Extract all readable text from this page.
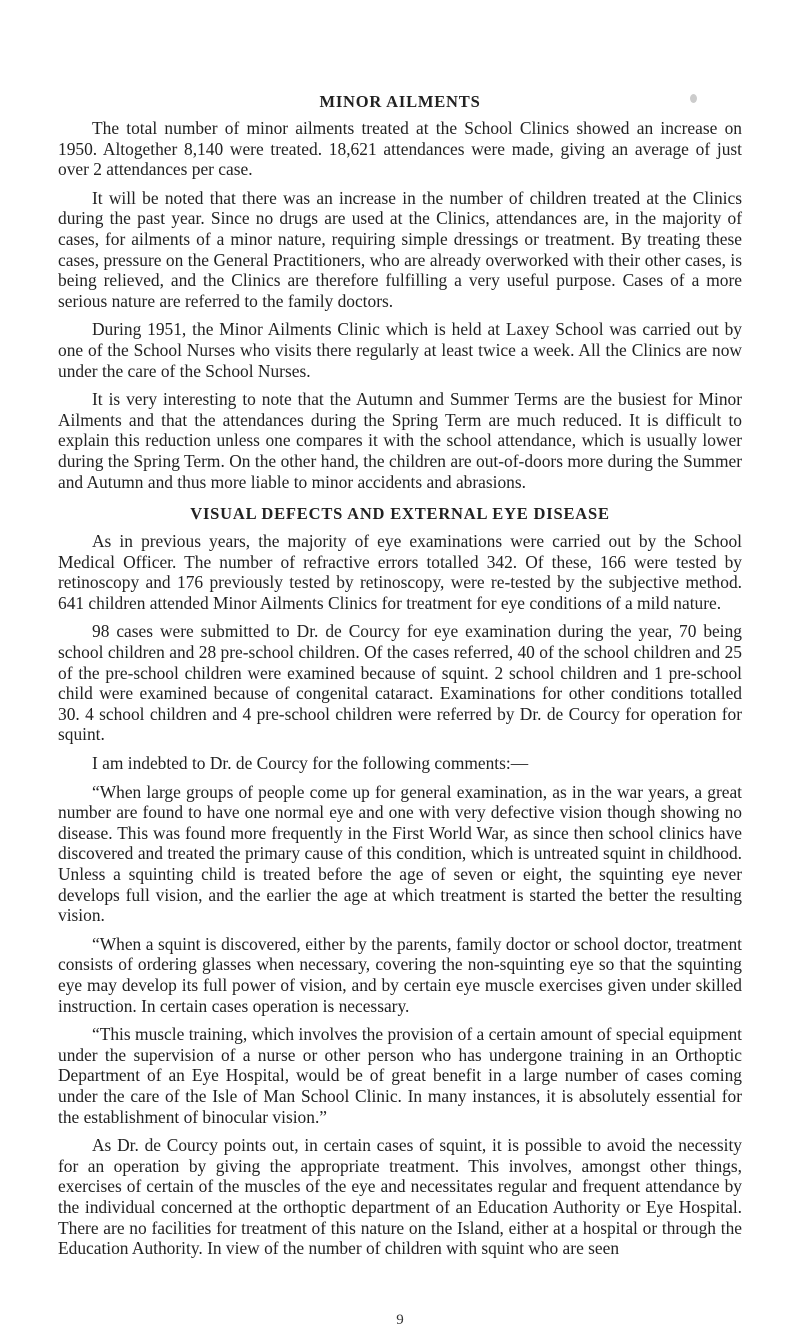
MINOR AILMENTS

The total number of minor ailments treated at the School Clinics showed an increase on 1950. Altogether 8,140 were treated. 18,621 attendances were made, giving an average of just over 2 attendances per case.

It will be noted that there was an increase in the number of children treated at the Clinics during the past year. Since no drugs are used at the Clinics, attendances are, in the majority of cases, for ailments of a minor nature, requiring simple dressings or treatment. By treating these cases, pressure on the General Practitioners, who are already overworked with their other cases, is being relieved, and the Clinics are therefore fulfilling a very useful purpose. Cases of a more serious nature are referred to the family doctors.

During 1951, the Minor Ailments Clinic which is held at Laxey School was carried out by one of the School Nurses who visits there regularly at least twice a week. All the Clinics are now under the care of the School Nurses.

It is very interesting to note that the Autumn and Summer Terms are the busiest for Minor Ailments and that the attendances during the Spring Term are much reduced. It is difficult to explain this reduction unless one compares it with the school attendance, which is usually lower during the Spring Term. On the other hand, the children are out-of-doors more during the Summer and Autumn and thus more liable to minor accidents and abrasions.

VISUAL DEFECTS AND EXTERNAL EYE DISEASE

As in previous years, the majority of eye examinations were carried out by the School Medical Officer. The number of refractive errors totalled 342. Of these, 166 were tested by retinoscopy and 176 previously tested by retinoscopy, were re-tested by the subjective method. 641 children attended Minor Ailments Clinics for treatment for eye conditions of a mild nature.

98 cases were submitted to Dr. de Courcy for eye examination during the year, 70 being school children and 28 pre-school children. Of the cases referred, 40 of the school children and 25 of the pre-school children were examined because of squint. 2 school children and 1 pre-school child were examined because of congenital cataract. Examinations for other conditions totalled 30. 4 school children and 4 pre-school children were referred by Dr. de Courcy for operation for squint.

I am indebted to Dr. de Courcy for the following comments:—

“When large groups of people come up for general examination, as in the war years, a great number are found to have one normal eye and one with very defective vision though showing no disease. This was found more frequently in the First World War, as since then school clinics have discovered and treated the primary cause of this condition, which is untreated squint in childhood. Unless a squinting child is treated before the age of seven or eight, the squinting eye never develops full vision, and the earlier the age at which treatment is started the better the resulting vision.

“When a squint is discovered, either by the parents, family doctor or school doctor, treatment consists of ordering glasses when necessary, covering the non-squinting eye so that the squinting eye may develop its full power of vision, and by certain eye muscle exercises given under skilled instruction. In certain cases operation is necessary.

“This muscle training, which involves the provision of a certain amount of special equipment under the supervision of a nurse or other person who has undergone training in an Orthoptic Department of an Eye Hospital, would be of great benefit in a large number of cases coming under the care of the Isle of Man School Clinic. In many instances, it is absolutely essential for the establishment of binocular vision.”

As Dr. de Courcy points out, in certain cases of squint, it is possible to avoid the necessity for an operation by giving the appropriate treatment. This involves, amongst other things, exercises of certain of the muscles of the eye and necessitates regular and frequent attendance by the individual concerned at the orthoptic department of an Education Authority or Eye Hospital. There are no facilities for treatment of this nature on the Island, either at a hospital or through the Education Authority. In view of the number of children with squint who are seen

9
